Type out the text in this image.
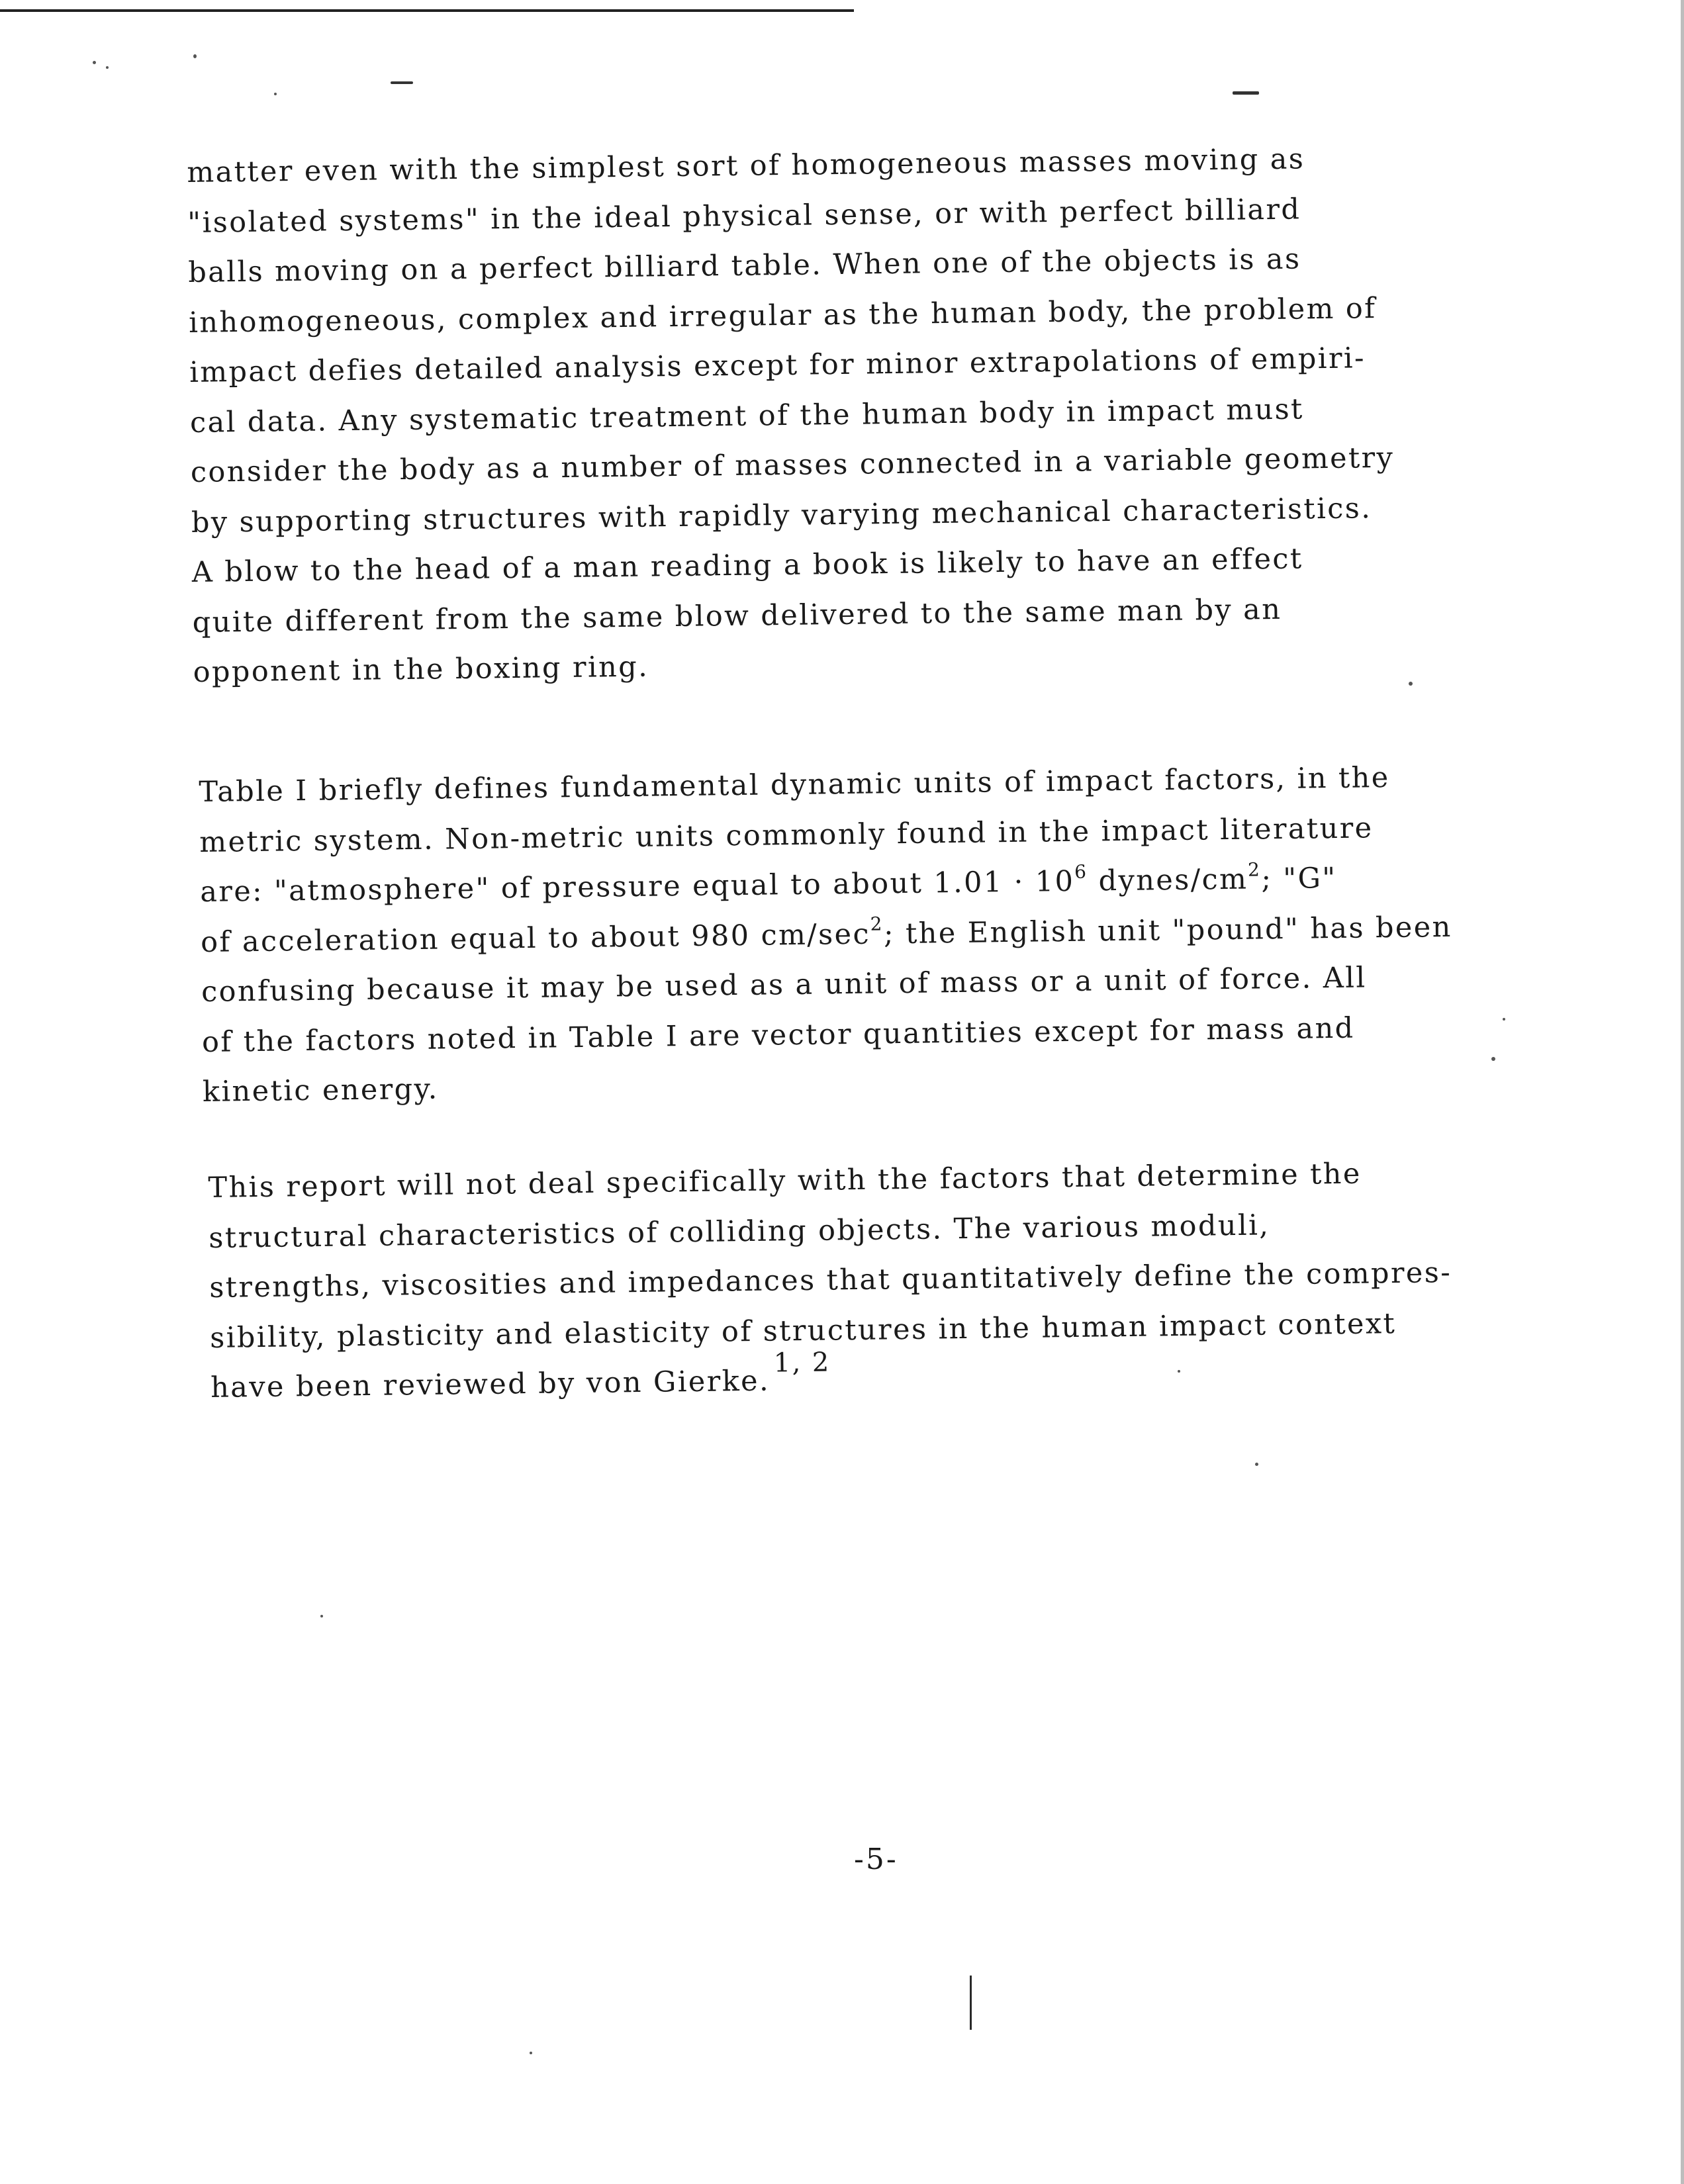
matter even with the simplest sort of homogeneous masses moving as
"isolated systems" in the ideal physical sense, or with perfect billiard
balls moving on a perfect billiard table. When one of the objects is as
inhomogeneous, complex and irregular as the human body, the problem of
impact defies detailed analysis except for minor extrapolations of empiri-
cal data. Any systematic treatment of the human body in impact must
consider the body as a number of masses connected in a variable geometry
by supporting structures with rapidly varying mechanical characteristics.
A blow to the head of a man reading a book is likely to have an effect
quite different from the same blow delivered to the same man by an
opponent in the boxing ring.
Table I briefly defines fundamental dynamic units of impact factors, in the
metric system. Non-metric units commonly found in the impact literature
are: "atmosphere" of pressure equal to about $1.01 \cdot 10^6$ dynes/$cm^2$; "G"
of acceleration equal to about 980 $cm/\sec^2$; the English unit "pound" has been
confusing because it may be used as a unit of mass or a unit of force. All
of the factors noted in Table I are vector quantities except for mass and
kinetic energy.
This report will not deal specifically with the factors that determine the
structural characteristics of colliding objects. The various moduli,
strengths, viscosities and impedances that quantitatively define the compres-
sibility, plasticity and elasticity of structures in the human impact context
have been reviewed by von Gierke.1, 2
-5-
